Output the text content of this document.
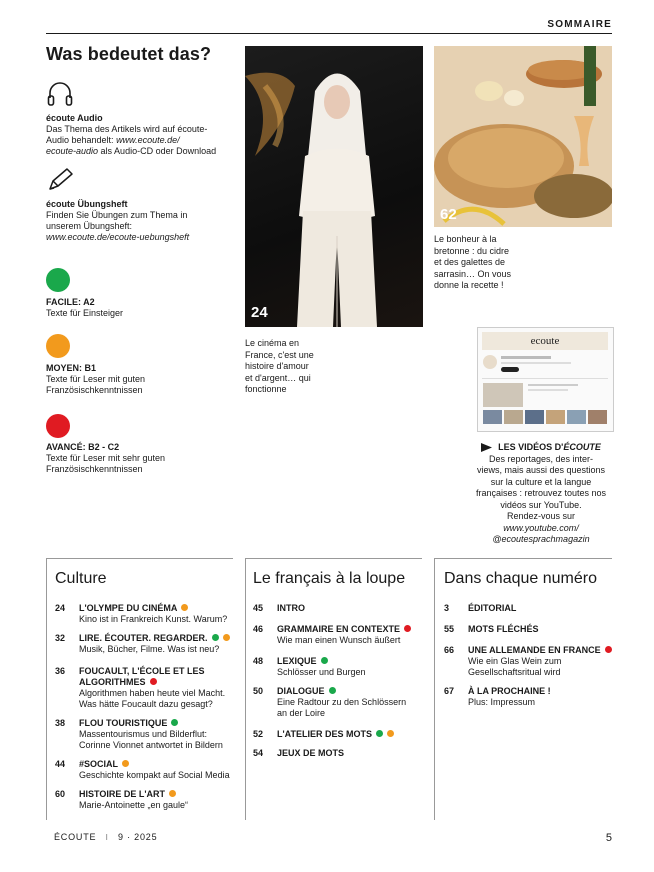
SOMMAIRE
Was bedeutet das?
écoute Audio
Das Thema des Artikels wird auf écoute-
Audio behandelt: www.ecoute.de/
ecoute-audio als Audio-CD oder Download
écoute Übungsheft
Finden Sie Übungen zum Thema in
unserem Übungsheft:
www.ecoute.de/ecoute-uebungsheft
FACILE: A2
Texte für Einsteiger
MOYEN: B1
Texte für Leser mit guten
Französischkenntnissen
AVANCÉ: B2 - C2
Texte für Leser mit sehr guten
Französischkenntnissen
24
Le cinéma en
France, c'est une
histoire d'amour
et d'argent… qui
fonctionne
62
Le bonheur à la
bretonne : du cidre
et des galettes de
sarrasin… On vous
donne la recette !
ecoute
LES VIDÉOS D'ÉCOUTE
Des reportages, des inter-
views, mais aussi des questions
sur la culture et la langue
françaises : retrouvez toutes nos
vidéos sur YouTube.
Rendez-vous sur
www.youtube.com/
@ecoutesprachmagazin
Culture
24 L'OLYMPE DU CINÉMA
Kino ist in Frankreich Kunst. Warum?
32 LIRE. ÉCOUTER. REGARDER.
Musik, Bücher, Filme. Was ist neu?
36 FOUCAULT, L'ÉCOLE ET LES
ALGORITHMES
Algorithmen haben heute viel Macht.
Was hätte Foucault dazu gesagt?
38 FLOU TOURISTIQUE
Massentourismus und Bilderflut:
Corinne Vionnet antwortet in Bildern
44 #SOCIAL
Geschichte kompakt auf Social Media
60 HISTOIRE DE L'ART
Marie-Antoinette „en gaule“
Le français à la loupe
45 INTRO
46 GRAMMAIRE EN CONTEXTE
Wie man einen Wunsch äußert
48 LEXIQUE
Schlösser und Burgen
50 DIALOGUE
Eine Radtour zu den Schlössern
an der Loire
52 L'ATELIER DES MOTS
54 JEUX DE MOTS
Dans chaque numéro
3 ÉDITORIAL
55 MOTS FLÉCHÉS
66 UNE ALLEMANDE EN FRANCE
Wie ein Glas Wein zum
Gesellschaftsritual wird
67 À LA PROCHAINE !
Plus: Impressum
ÉCOUTE I 9 · 2025	5
